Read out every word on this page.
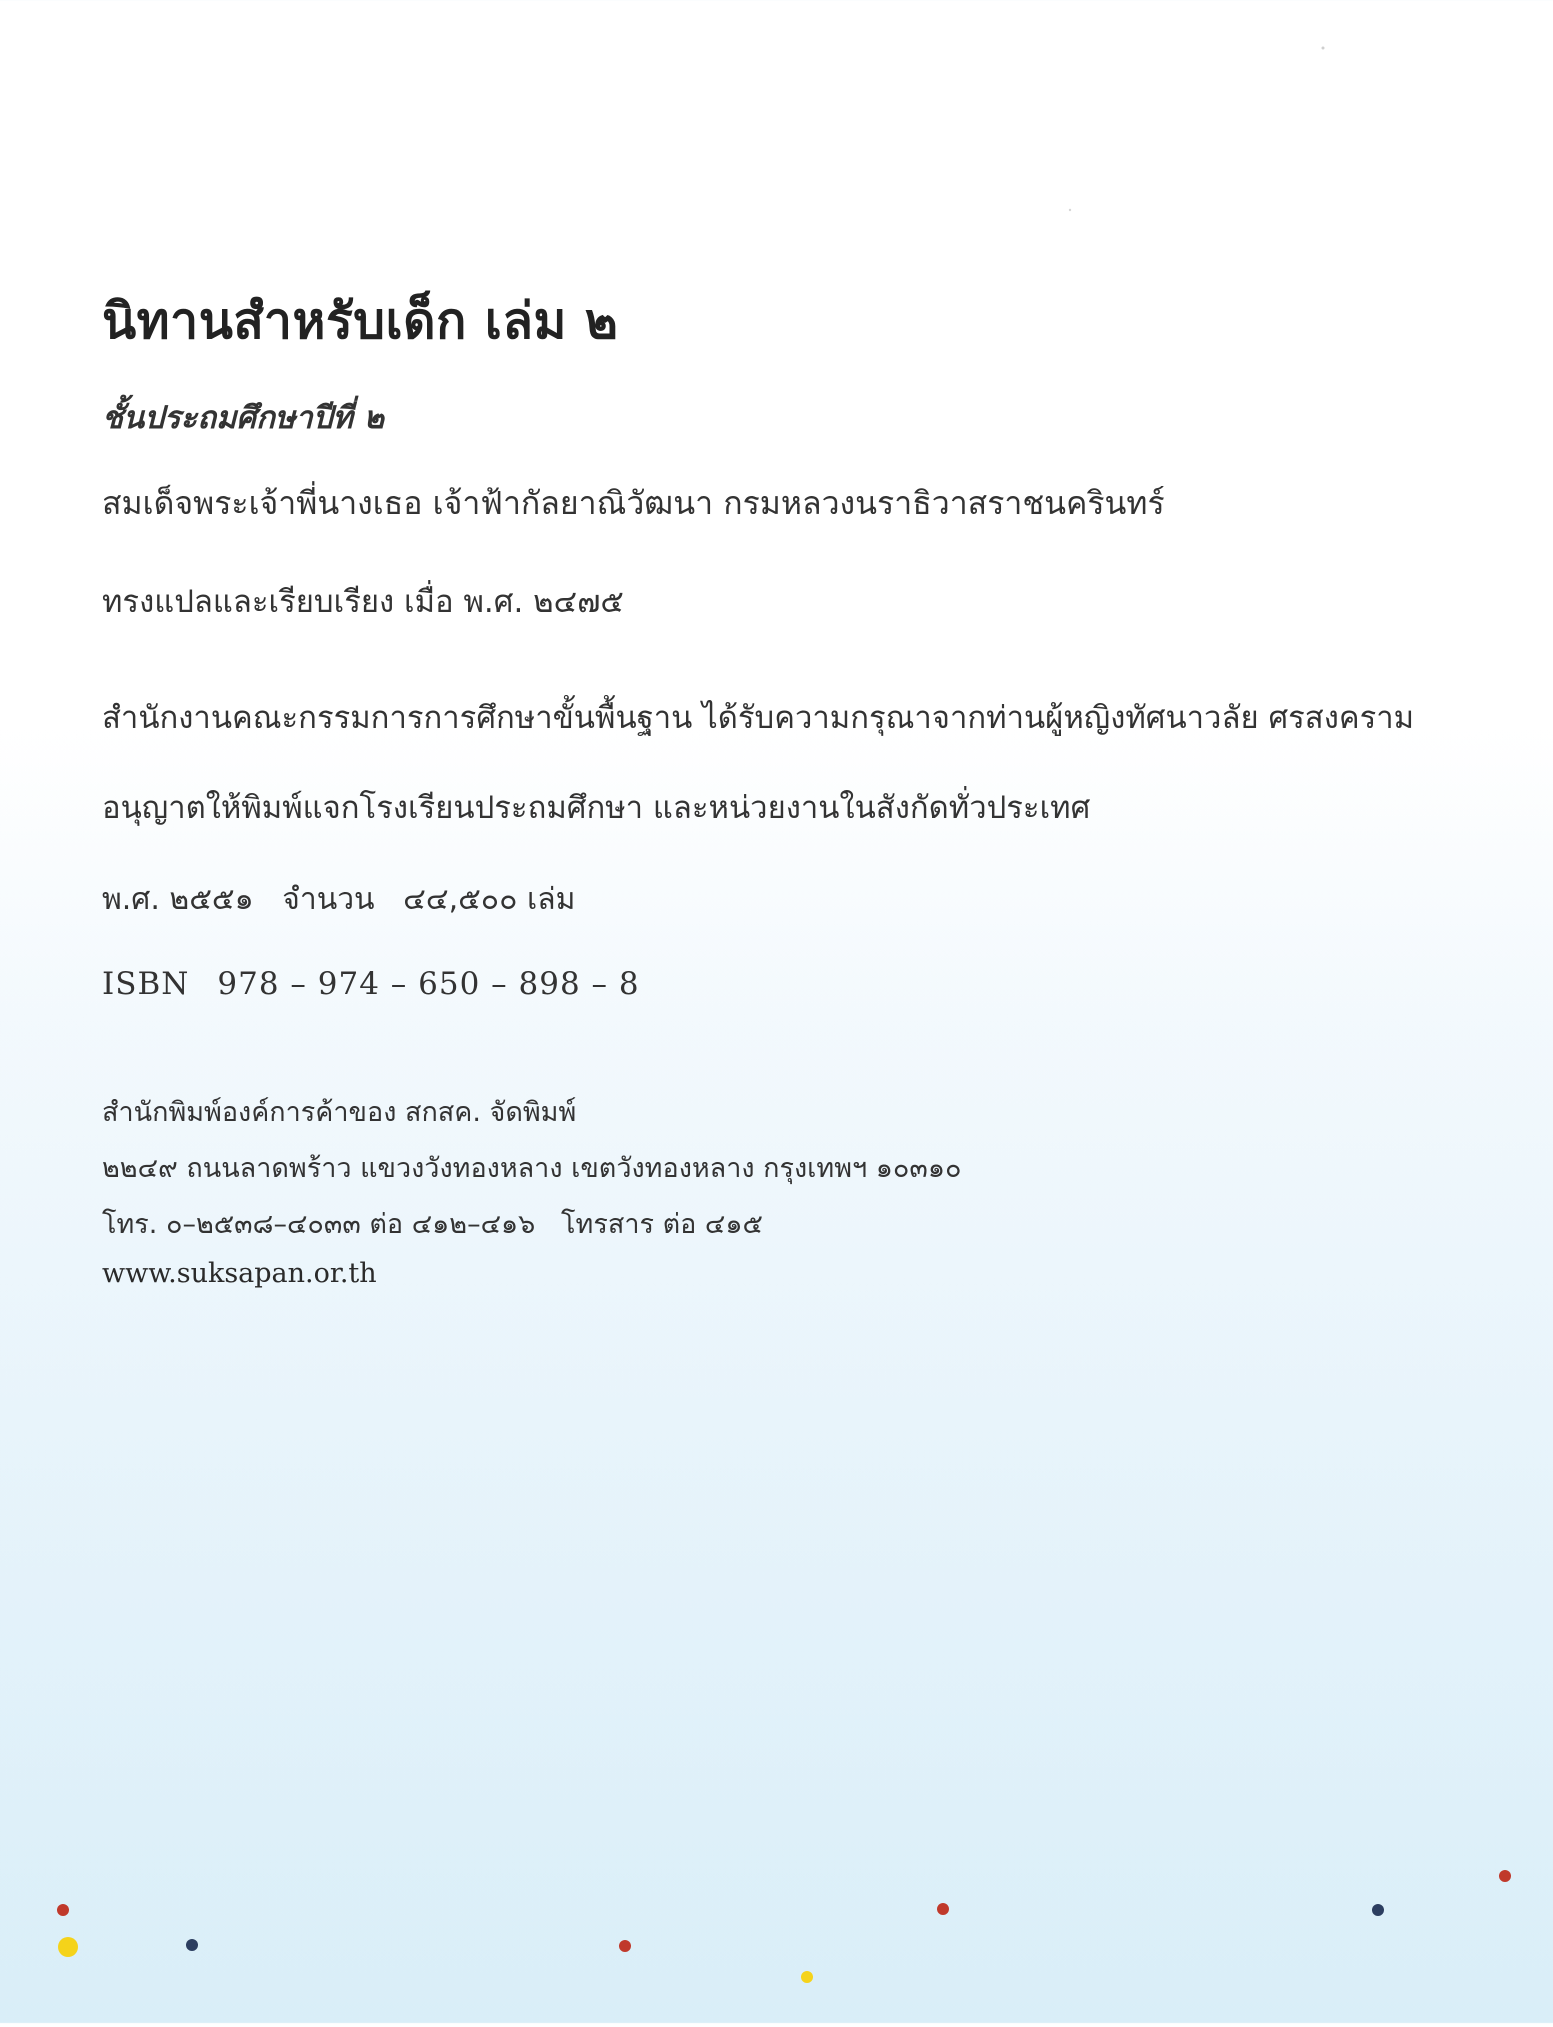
นิทานสำหรับเด็ก เล่ม ๒

ชั้นประถมศึกษาปีที่ ๒

สมเด็จพระเจ้าพี่นางเธอ เจ้าฟ้ากัลยาณิวัฒนา กรมหลวงนราธิวาสราชนครินทร์

ทรงแปลและเรียบเรียง เมื่อ พ.ศ. ๒๔๗๕

สำนักงานคณะกรรมการการศึกษาขั้นพื้นฐาน ได้รับความกรุณาจากท่านผู้หญิงทัศนาวลัย ศรสงคราม

อนุญาตให้พิมพ์แจกโรงเรียนประถมศึกษา และหน่วยงานในสังกัดทั่วประเทศ

พ.ศ. ๒๕๕๑   จำนวน   ๔๔,๕๐๐ เล่ม

ISBN 978 – 974 – 650 – 898 – 8

สำนักพิมพ์องค์การค้าของ สกสค. จัดพิมพ์

๒๒๔๙ ถนนลาดพร้าว แขวงวังทองหลาง เขตวังทองหลาง กรุงเทพฯ ๑๐๓๑๐

โทร. ๐–๒๕๓๘–๔๐๓๓ ต่อ ๔๑๒–๔๑๖   โทรสาร ต่อ ๔๑๕

www.suksapan.or.th
